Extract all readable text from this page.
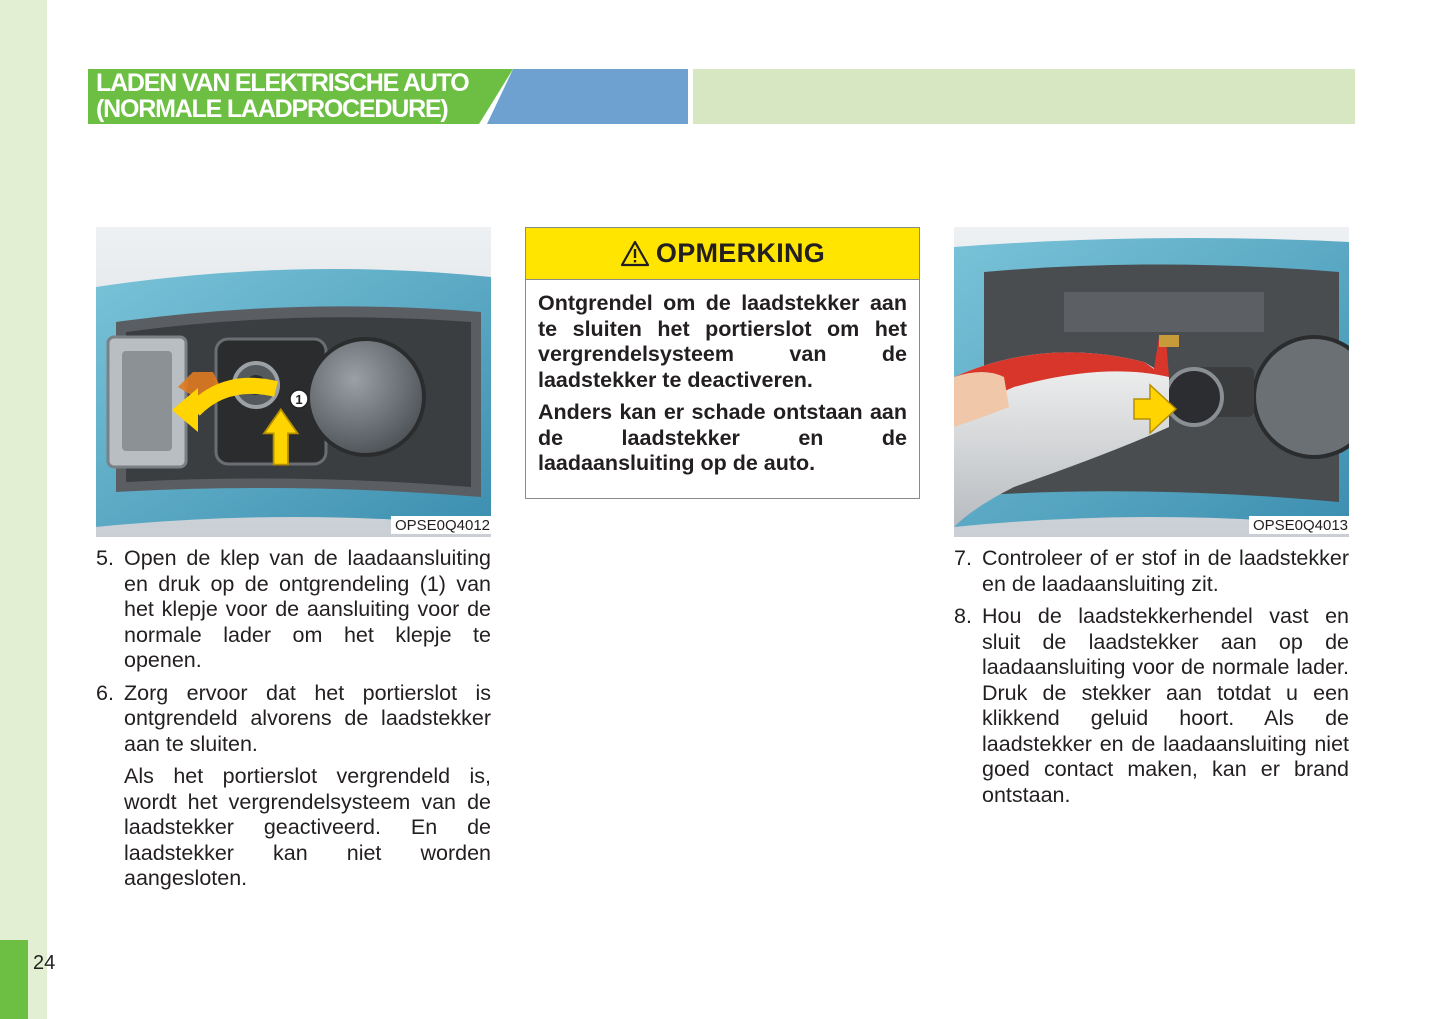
24
LADEN VAN ELEKTRISCHE AUTO
(NORMALE LAADPROCEDURE)
1
OPSE0Q4012
OPMERKING

Ontgrendel om de laadstekker aan te sluiten het portierslot om het vergrendelsysteem van de laadstekker te deactiveren.

Anders kan er schade ontstaan aan de laadstekker en de laadaansluiting op de auto.

OPSE0Q4013
5. Open de klep van de laadaansluiting en druk op de ontgrendeling (1) van het klepje voor de aansluiting voor de normale lader om het klepje te openen.

6. Zorg ervoor dat het portierslot is ontgrendeld alvorens de laadstekker aan te sluiten.

Als het portierslot vergrendeld is, wordt het vergrendelsysteem van de laadstekker geactiveerd. En de laadstekker kan niet worden aangesloten.

7. Controleer of er stof in de laadstekker en de laadaansluiting zit.

8. Hou de laadstekkerhendel vast en sluit de laadstekker aan op de laadaansluiting voor de normale lader. Druk de stekker aan totdat u een klikkend geluid hoort. Als de laadstekker en de laadaansluiting niet goed contact maken, kan er brand ontstaan.
